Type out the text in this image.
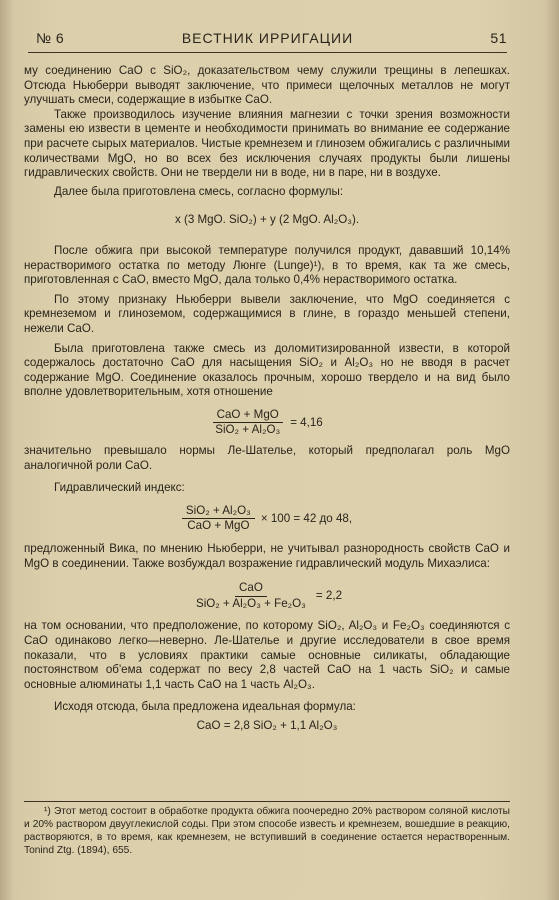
№ 6	ВЕСТНИК ИРРИГАЦИИ	51

му соединению CaO с SiO₂, доказательством чему служили трещины в лепешках. Отсюда Ньюберри выводят заключение, что примеси щелочных металлов не могут улучшать смеси, содержащие в избытке CaO.

Также производилось изучение влияния магнезии с точки зрения возможности замены ею извести в цементе и необходимости принимать во внимание ее содержание при расчете сырых материалов. Чистые кремнезем и глинозем обжигались с различными количествами MgO, но во всех без исключения случаях продукты были лишены гидравлических свойств. Они не твердели ни в воде, ни в паре, ни в воздухе.

Далее была приготовлена смесь, согласно формулы:

x (3 MgO. SiO₂) + y (2 MgO. Al₂O₃).

После обжига при высокой температуре получился продукт, дававший 10,14% нерастворимого остатка по методу Люнге (Lunge)¹), в то время, как та же смесь, приготовленная с CaO, вместо MgO, дала только 0,4% нерастворимого остатка.

По этому признаку Ньюберри вывели заключение, что MgO соединяется с кремнеземом и глиноземом, содержащимися в глине, в гораздо меньшей степени, нежели CaO.

Была приготовлена также смесь из доломитизированной извести, в которой содержалось достаточно CaO для насыщения SiO₂ и Al₂O₃ но не вводя в расчет содержание MgO. Соединение оказалось прочным, хорошо твердело и на вид было вполне удовлетворительным, хотя отношение

$\frac{\text{CaO + MgO}}{\text{SiO₂ + Al₂O₃}} = 4,16$

значительно превышало нормы Ле-Шателье, который предполагал роль MgO аналогичной роли CaO.

Гидравлический индекс:

$\frac{\text{SiO₂ + Al₂O₃}}{\text{CaO + MgO}} \times 100 = 42$ до 48,

предложенный Вика, по мнению Ньюберри, не учитывал разнородность свойств CaO и MgO в соединении. Также возбуждал возражение гидравлический модуль Михаэлиса:

$\frac{\text{CaO}}{\text{SiO₂ + Al₂O₃ + Fe₂O₃}} = 2,2$

на том основании, что предположение, по которому SiO₂, Al₂O₃ и Fe₂O₃ соединяются с CaO одинаково легко—неверно. Ле-Шателье и другие исследователи в свое время показали, что в условиях практики самые основные силикаты, обладающие постоянством об'ема содержат по весу 2,8 частей CaO на 1 часть SiO₂ и самые основные алюминаты 1,1 часть CaO на 1 часть Al₂O₃.

Исходя отсюда, была предложена идеальная формула:

CaO = 2,8 SiO₂ + 1,1 Al₂O₃

¹) Этот метод состоит в обработке продукта обжига поочередно 20% раствором соляной кислоты и 20% раствором двууглекислой соды. При этом способе известь и кремнезем, вошедшие в реакцию, растворяются, в то время, как кремнезем, не вступивший в соединение остается нерастворенным. Tonind Ztg. (1894), 655.
